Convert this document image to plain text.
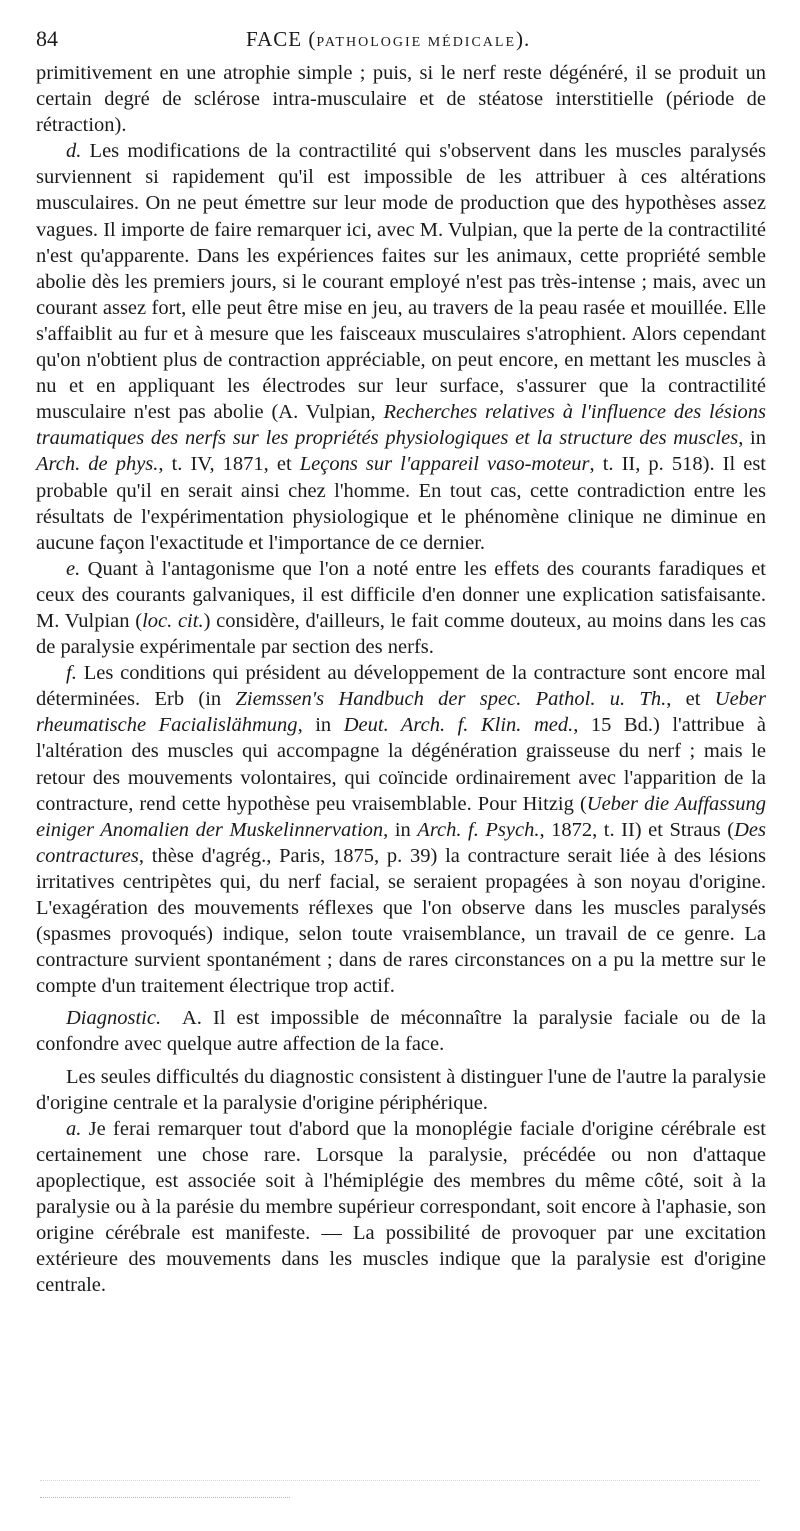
84	FACE (PATHOLOGIE MÉDICALE).

primitivement en une atrophie simple ; puis, si le nerf reste dégénéré, il se produit un certain degré de sclérose intra-musculaire et de stéatose interstitielle (période de rétraction).

d. Les modifications de la contractilité qui s'observent dans les muscles paralysés surviennent si rapidement qu'il est impossible de les attribuer à ces altérations musculaires. On ne peut émettre sur leur mode de production que des hypothèses assez vagues. Il importe de faire remarquer ici, avec M. Vulpian, que la perte de la contractilité n'est qu'apparente. Dans les expériences faites sur les animaux, cette propriété semble abolie dès les premiers jours, si le courant employé n'est pas très-intense ; mais, avec un courant assez fort, elle peut être mise en jeu, au travers de la peau rasée et mouillée. Elle s'affaiblit au fur et à mesure que les faisceaux musculaires s'atrophient. Alors cependant qu'on n'obtient plus de contraction appréciable, on peut encore, en mettant les muscles à nu et en appliquant les électrodes sur leur surface, s'assurer que la contractilité musculaire n'est pas abolie (A. Vulpian, Recherches relatives à l'influence des lésions traumatiques des nerfs sur les propriétés physiologiques et la structure des muscles, in Arch. de phys., t. IV, 1871, et Leçons sur l'appareil vaso-moteur, t. II, p. 518). Il est probable qu'il en serait ainsi chez l'homme. En tout cas, cette contradiction entre les résultats de l'expérimentation physiologique et le phénomène clinique ne diminue en aucune façon l'exactitude et l'importance de ce dernier.

e. Quant à l'antagonisme que l'on a noté entre les effets des courants faradiques et ceux des courants galvaniques, il est difficile d'en donner une explication satisfaisante. M. Vulpian (loc. cit.) considère, d'ailleurs, le fait comme douteux, au moins dans les cas de paralysie expérimentale par section des nerfs.

f. Les conditions qui président au développement de la contracture sont encore mal déterminées. Erb (in Ziemssen's Handbuch der spec. Pathol. u. Th., et Ueber rheumatische Facialislähmung, in Deut. Arch. f. Klin. med., 15 Bd.) l'attribue à l'altération des muscles qui accompagne la dégénération graisseuse du nerf ; mais le retour des mouvements volontaires, qui coïncide ordinairement avec l'apparition de la contracture, rend cette hypothèse peu vraisemblable. Pour Hitzig (Ueber die Auffassung einiger Anomalien der Muskelinnervation, in Arch. f. Psych., 1872, t. II) et Straus (Des contractures, thèse d'agrég., Paris, 1875, p. 39) la contracture serait liée à des lésions irritatives centripètes qui, du nerf facial, se seraient propagées à son noyau d'origine. L'exagération des mouvements réflexes que l'on observe dans les muscles paralysés (spasmes provoqués) indique, selon toute vraisemblance, un travail de ce genre. La contracture survient spontanément ; dans de rares circonstances on a pu la mettre sur le compte d'un traitement électrique trop actif.

Diagnostic.  A. Il est impossible de méconnaître la paralysie faciale ou de la confondre avec quelque autre affection de la face.

Les seules difficultés du diagnostic consistent à distinguer l'une de l'autre la paralysie d'origine centrale et la paralysie d'origine périphérique.

a. Je ferai remarquer tout d'abord que la monoplégie faciale d'origine cérébrale est certainement une chose rare. Lorsque la paralysie, précédée ou non d'attaque apoplectique, est associée soit à l'hémiplégie des membres du même côté, soit à la paralysie ou à la parésie du membre supérieur correspondant, soit encore à l'aphasie, son origine cérébrale est manifeste. — La possibilité de provoquer par une excitation extérieure des mouvements dans les muscles indique que la paralysie est d'origine centrale.
